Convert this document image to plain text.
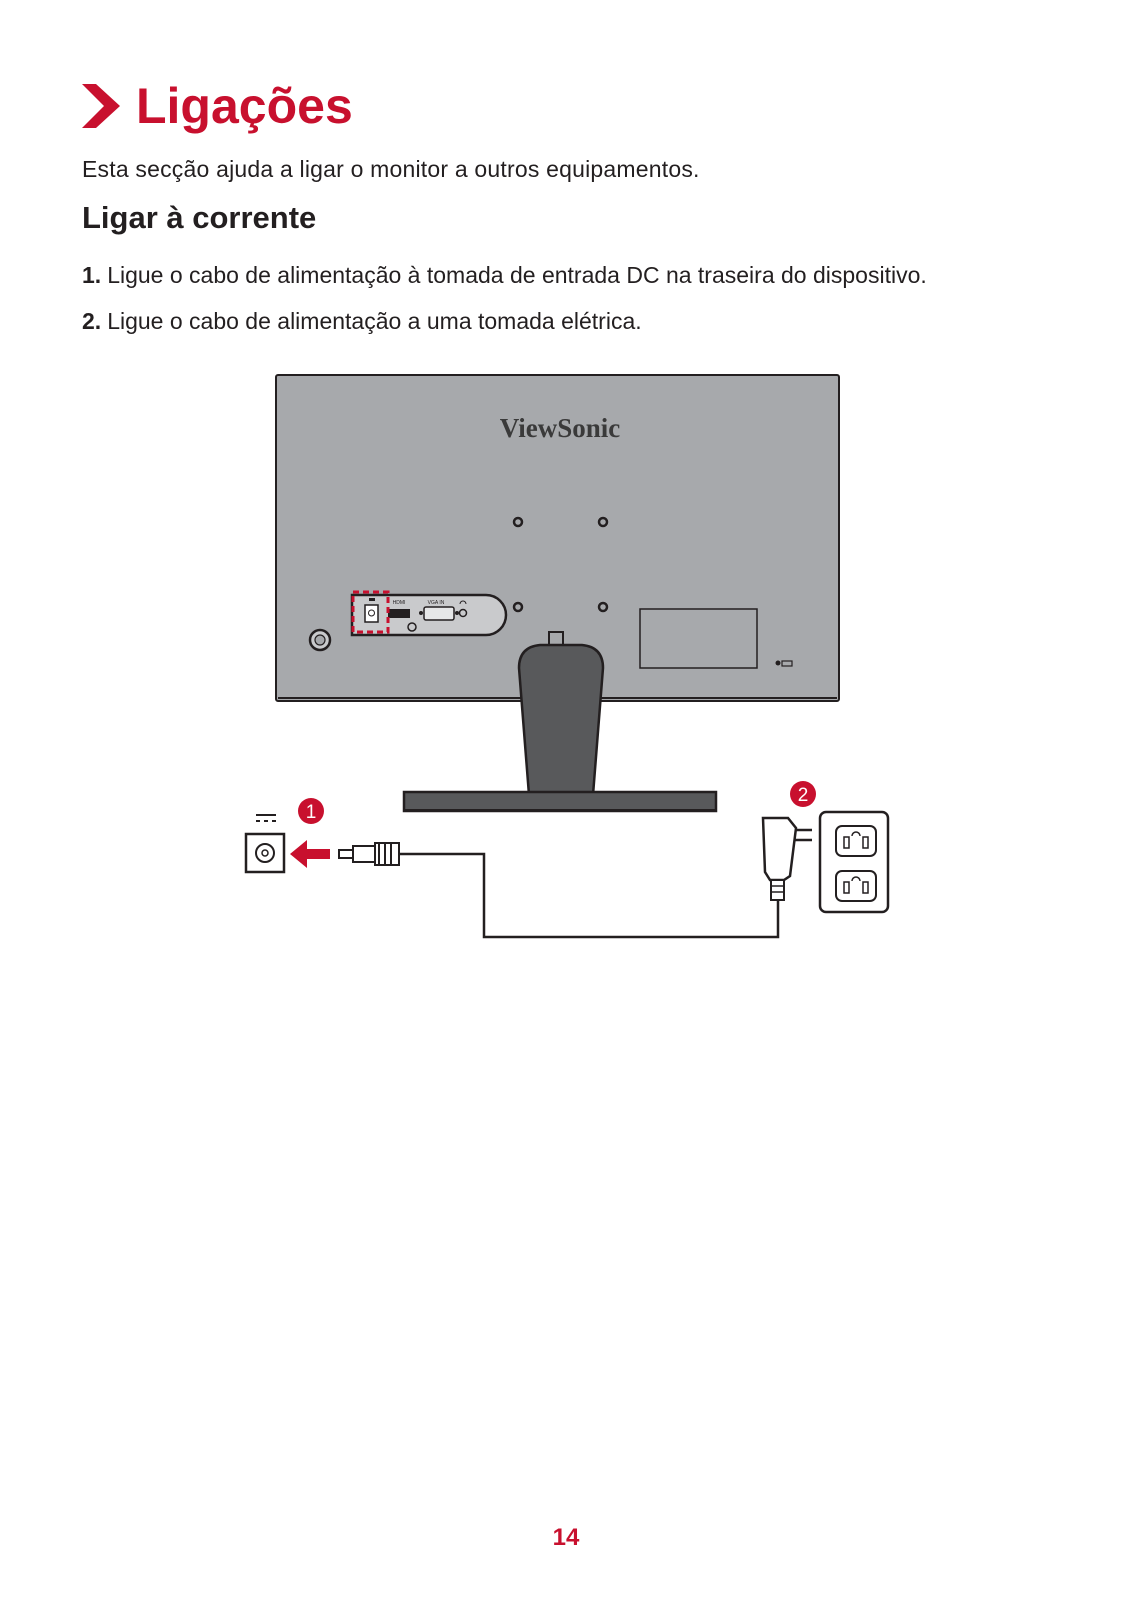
Ligações
Esta secção ajuda a ligar o monitor a outros equipamentos.
Ligar à corrente
1. Ligue o cabo de alimentação à tomada de entrada DC na traseira do dispositivo.
2. Ligue o cabo de alimentação a uma tomada elétrica.
ViewSonic
HDMI	VGA IN
1
2
14
